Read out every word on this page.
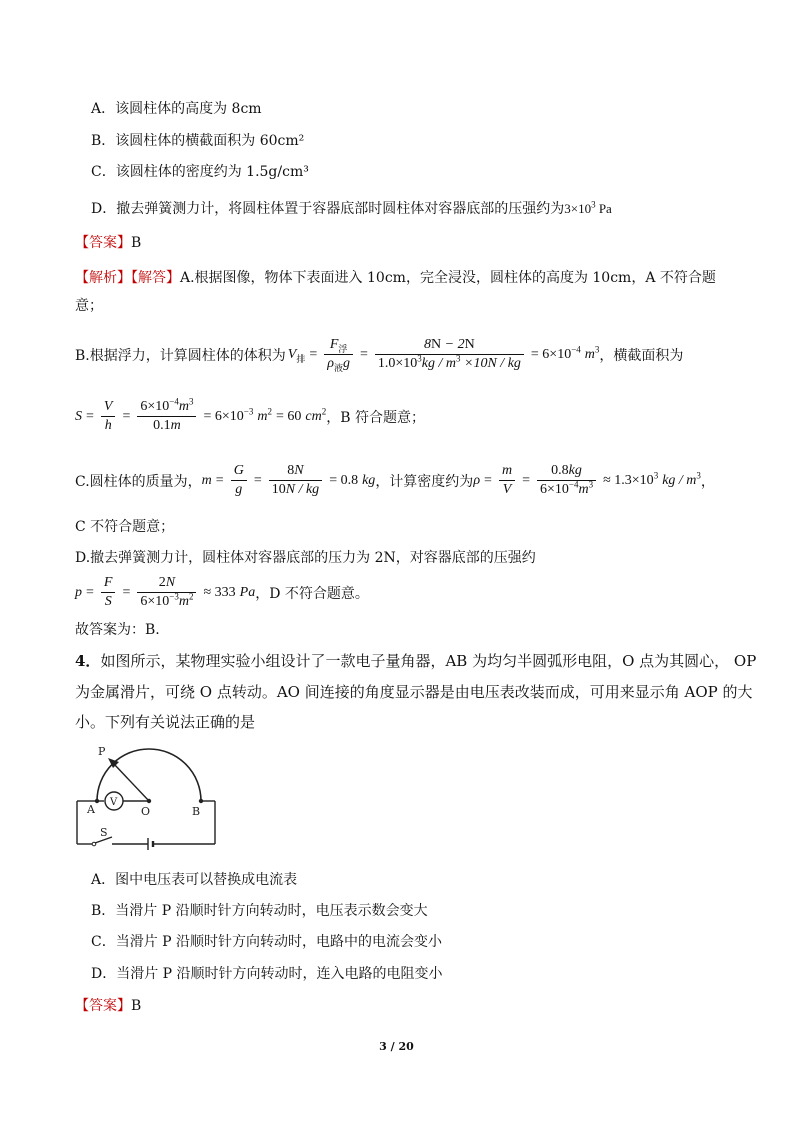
A．该圆柱体的高度为 8cm
B．该圆柱体的横截面积为 60cm²
C．该圆柱体的密度约为 1.5g/cm³
D．撤去弹簧测力计，将圆柱体置于容器底部时圆柱体对容器底部的压强约为$3\times 10^3$ Pa
【答案】B
【解析】【解答】A.根据图像，物体下表面进入 10cm，完全浸没，圆柱体的高度为 10cm，A 不符合题
意；
B.根据浮力，计算圆柱体的体积为 $V_排 = \frac{F_浮}{\rho_液g} = \frac{8N - 2N}{1.0\times 10^3kg / m^3 \times 10N / kg} = 6\times 10^{-4}$ $m^3$ ，横截面积为
$S = \frac{V}{h} = \frac{6\times 10^{-4}m^3}{0.1m} = 6\times 10^{-3}$ $m^2 = 60$ $cm^2$ ，B 符合题意；
C.圆柱体的质量为， $m = \frac{G}{g} = \frac{8N}{10N / kg} = 0.8$ kg ，计算密度约为 $\rho = \frac{m}{V} = \frac{0.8kg}{6\times 10^{-4}m^3} \approx 1.3\times 10^3$ kg / $m^3$ ，
C 不符合题意；
D.撤去弹簧测力计，圆柱体对容器底部的压力为 2N，对容器底部的压强约
$p = \frac{F}{S} = \frac{2N}{6\times 10^{-3}m^2} \approx 333$ Pa ，D 不符合题意。
故答案为：B.
4．如图所示，某物理实验小组设计了一款电子量角器，AB 为均匀半圆弧形电阻，O 点为其圆心， OP
为金属滑片，可绕 O 点转动。AO 间连接的角度显示器是由电压表改装而成，可用来显示角 AOP 的大
小。下列有关说法正确的是
P
A
V
O	B
S
A．图中电压表可以替换成电流表
B．当滑片 P 沿顺时针方向转动时，电压表示数会变大
C．当滑片 P 沿顺时针方向转动时，电路中的电流会变小
D．当滑片 P 沿顺时针方向转动时，连入电路的电阻变小
【答案】B
3 / 20
